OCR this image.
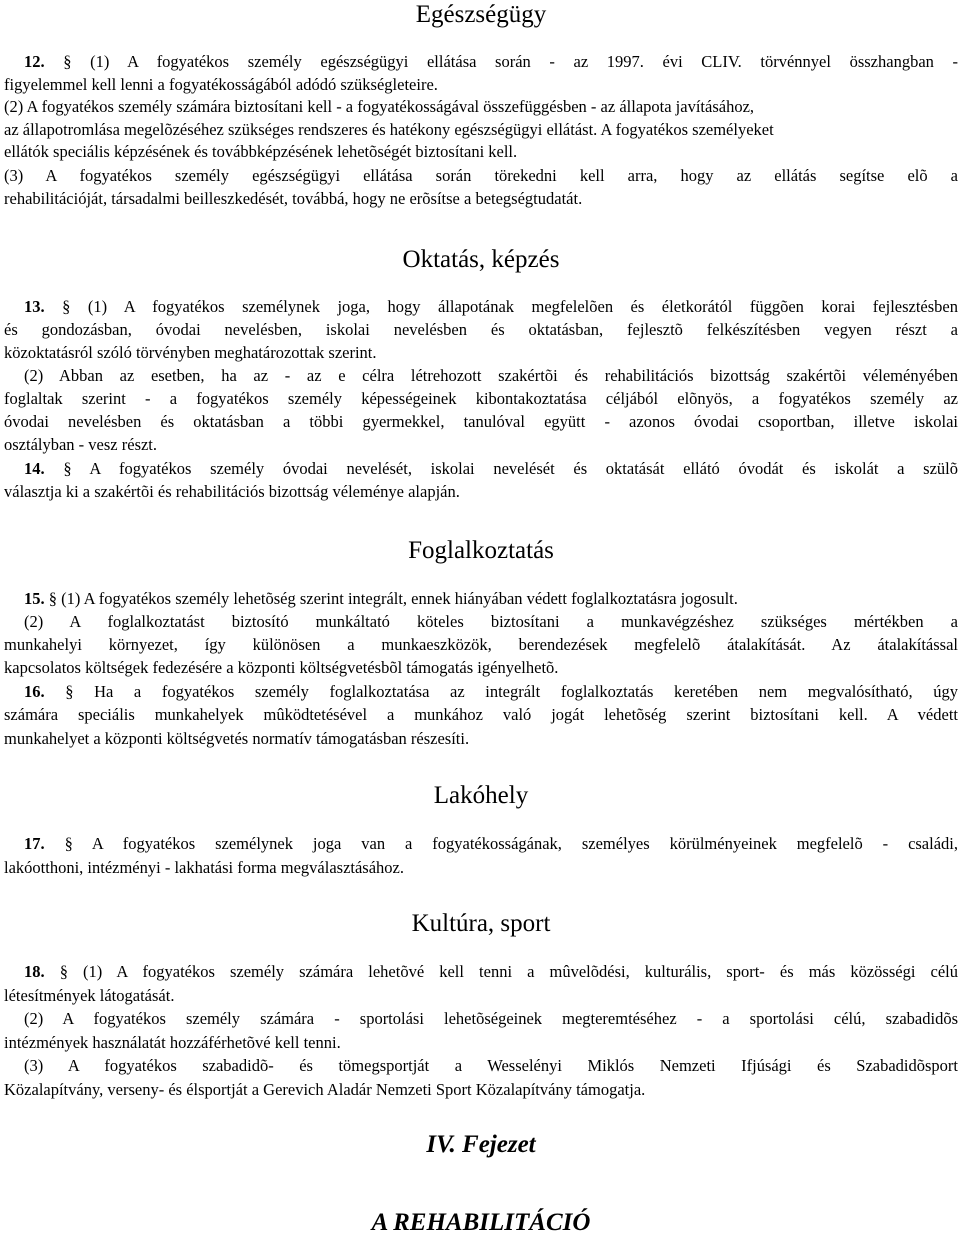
Egészségügy
12. § (1) A fogyatékos személy egészségügyi ellátása során - az 1997. évi CLIV. törvénnyel összhangban -
figyelemmel kell lenni a fogyatékosságából adódó szükségleteire.
(2) A fogyatékos személy számára biztosítani kell - a fogyatékosságával összefüggésben - az állapota javításához,
az állapotromlása megelõzéséhez szükséges rendszeres és hatékony egészségügyi ellátást. A fogyatékos személyeket
ellátók speciális képzésének és továbbképzésének lehetõségét biztosítani kell.
(3) A fogyatékos személy egészségügyi ellátása során törekedni kell arra, hogy az ellátás segítse elõ a
rehabilitációját, társadalmi beilleszkedését, továbbá, hogy ne erõsítse a betegségtudatát.
Oktatás, képzés
13. § (1) A fogyatékos személynek joga, hogy állapotának megfelelõen és életkorától függõen korai fejlesztésben
és gondozásban, óvodai nevelésben, iskolai nevelésben és oktatásban, fejlesztõ felkészítésben vegyen részt a
közoktatásról szóló törvényben meghatározottak szerint.
(2) Abban az esetben, ha az - az e célra létrehozott szakértõi és rehabilitációs bizottság szakértõi véleményében
foglaltak szerint - a fogyatékos személy képességeinek kibontakoztatása céljából elõnyös, a fogyatékos személy az
óvodai nevelésben és oktatásban a többi gyermekkel, tanulóval együtt - azonos óvodai csoportban, illetve iskolai
osztályban - vesz részt.
14. § A fogyatékos személy óvodai nevelését, iskolai nevelését és oktatását ellátó óvodát és iskolát a szülõ
választja ki a szakértõi és rehabilitációs bizottság véleménye alapján.
Foglalkoztatás
15. § (1) A fogyatékos személy lehetõség szerint integrált, ennek hiányában védett foglalkoztatásra jogosult.
(2) A foglalkoztatást biztosító munkáltató köteles biztosítani a munkavégzéshez szükséges mértékben a
munkahelyi környezet, így különösen a munkaeszközök, berendezések megfelelõ átalakítását. Az átalakítással
kapcsolatos költségek fedezésére a központi költségvetésbõl támogatás igényelhetõ.
16. § Ha a fogyatékos személy foglalkoztatása az integrált foglalkoztatás keretében nem megvalósítható, úgy
számára speciális munkahelyek mûködtetésével a munkához való jogát lehetõség szerint biztosítani kell. A védett
munkahelyet a központi költségvetés normatív támogatásban részesíti.
Lakóhely
17. § A fogyatékos személynek joga van a fogyatékosságának, személyes körülményeinek megfelelõ - családi,
lakóotthoni, intézményi - lakhatási forma megválasztásához.
Kultúra, sport
18. § (1) A fogyatékos személy számára lehetõvé kell tenni a mûvelõdési, kulturális, sport- és más közösségi célú
létesítmények látogatását.
(2) A fogyatékos személy számára - sportolási lehetõségeinek megteremtéséhez - a sportolási célú, szabadidõs
intézmények használatát hozzáférhetõvé kell tenni.
(3) A fogyatékos szabadidõ- és tömegsportját a Wesselényi Miklós Nemzeti Ifjúsági és Szabadidõsport
Közalapítvány, verseny- és élsportját a Gerevich Aladár Nemzeti Sport Közalapítvány támogatja.
IV. Fejezet
A REHABILITÁCIÓ
